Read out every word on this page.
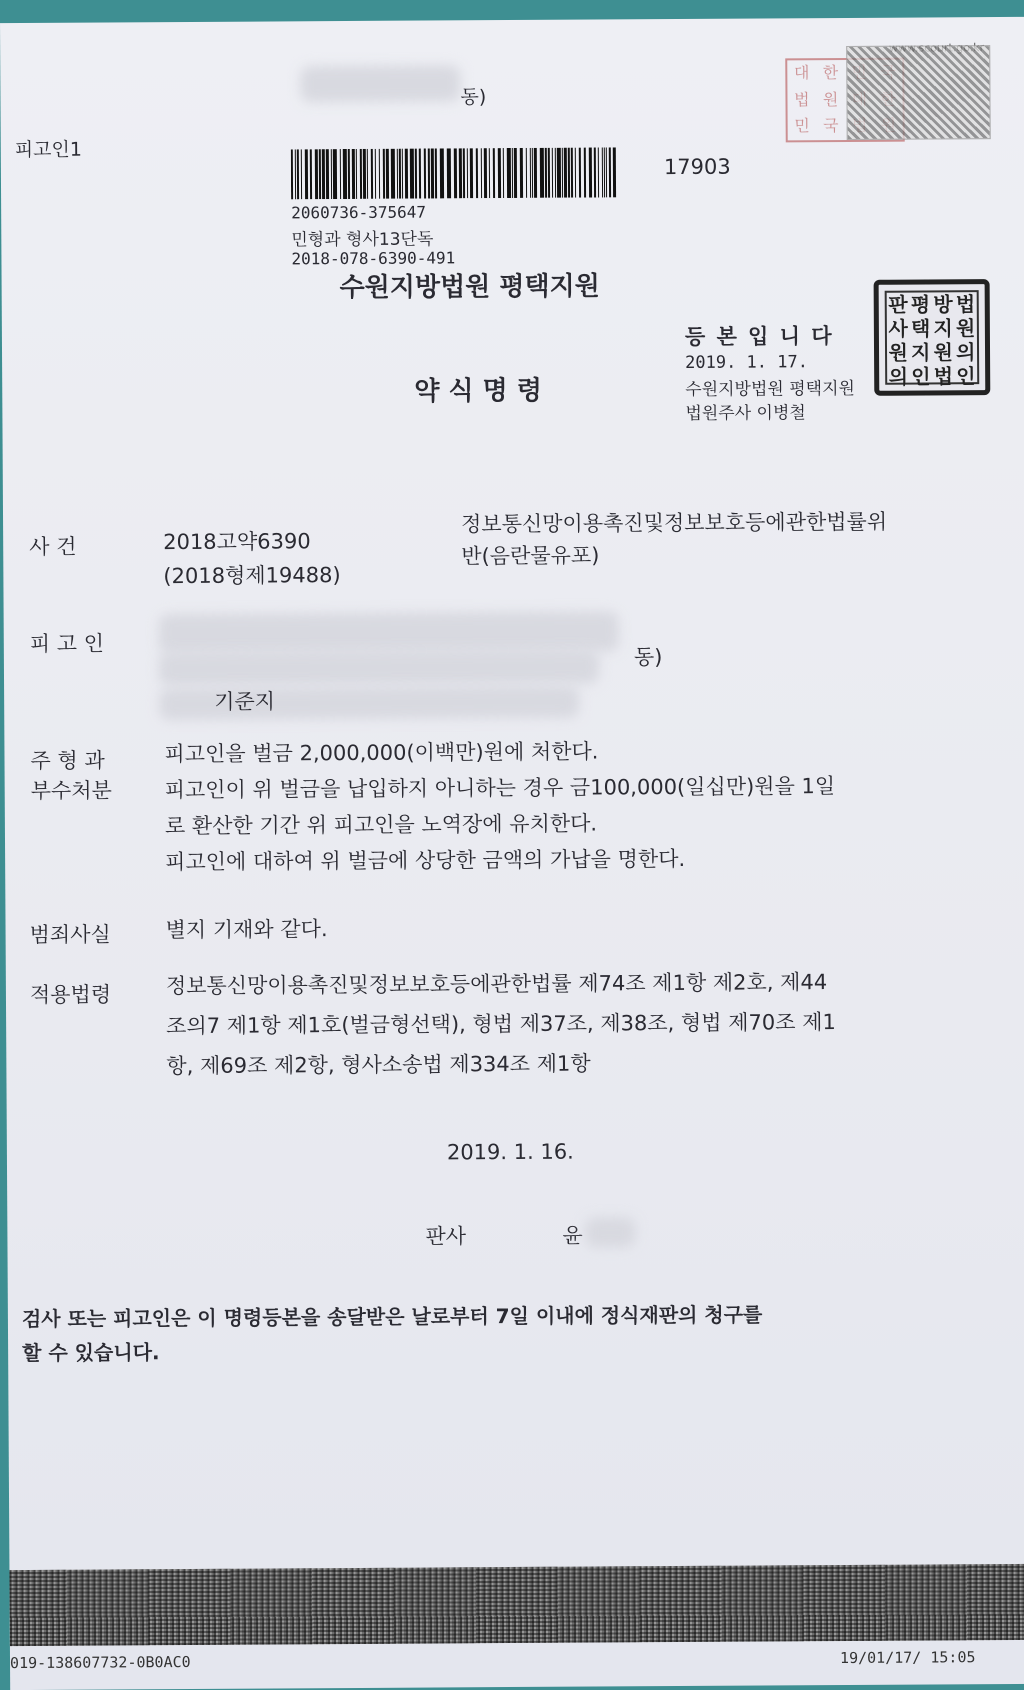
피고인1
동)
17903
2060736-375647
민형과 형사13단독
2018-078-6390-491
수원지방법원 평택지원
대 한
법 원
민 국
등 본 입 니 다
2019. 1. 17.
수원지방법원 평택지원
법원주사 이병철
판 평 방 법
사 택 지 원
원 지 원 의
의 인 법 인
약 식 명 령
사 건	2018고약6390
(2018형제19488)
정보통신망이용촉진및정보보호등에관한법률위
반(음란물유포)
피 고 인
동)
기준지
주 형 과
부수처분
피고인을 벌금 2,000,000(이백만)원에 처한다.
피고인이 위 벌금을 납입하지 아니하는 경우 금100,000(일십만)원을 1일
로 환산한 기간 위 피고인을 노역장에 유치한다.
피고인에 대하여 위 벌금에 상당한 금액의 가납을 명한다.
범죄사실	별지 기재와 같다.
적용법령	정보통신망이용촉진및정보보호등에관한법률 제74조 제1항 제2호, 제44
조의7 제1항 제1호(벌금형선택), 형법 제37조, 제38조, 형법 제70조 제1
항, 제69조 제2항, 형사소송법 제334조 제1항
2019. 1. 16.
판사	윤
검사 또는 피고인은 이 명령등본을 송달받은 날로부터 7일 이내에 정식재판의 청구를
할 수 있습니다.
019-138607732-0B0AC0	19/01/17/ 15:05
